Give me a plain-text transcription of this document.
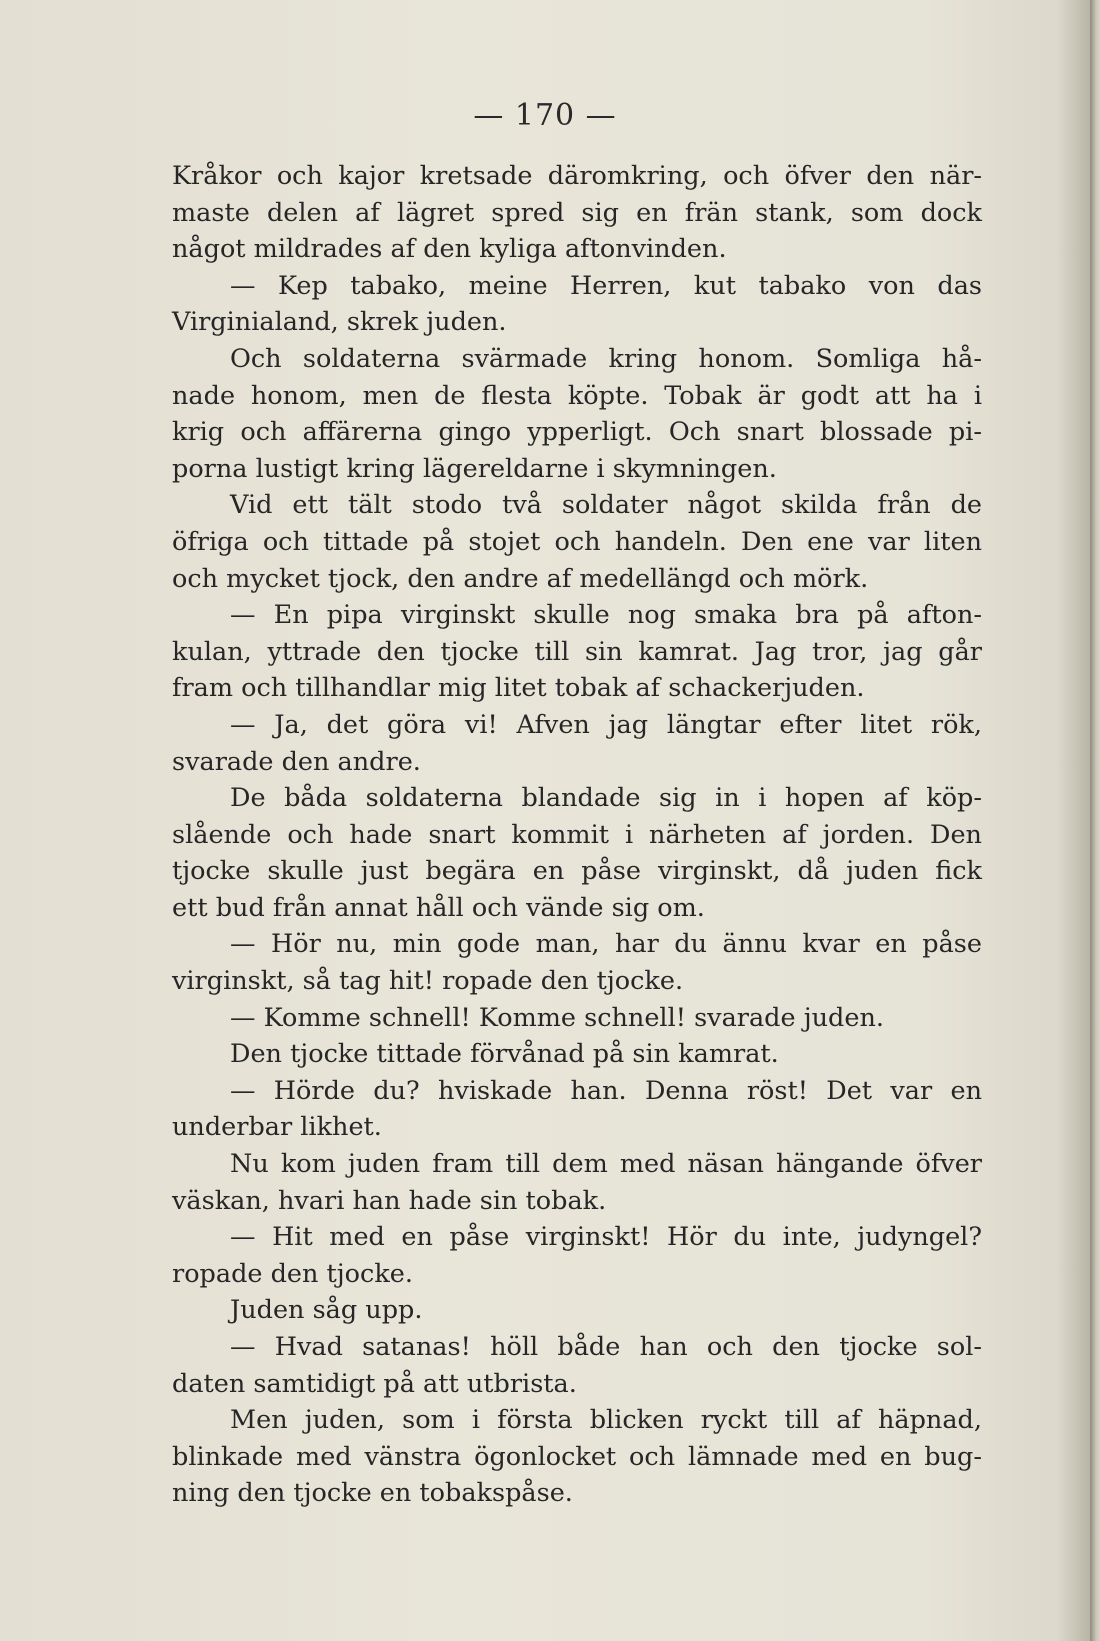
— 170 —
Kråkor och kajor kretsade däromkring, och öfver den när-
maste delen af lägret spred sig en frän stank, som dock
något mildrades af den kyliga aftonvinden.
— Kep tabako, meine Herren, kut tabako von das
Virginialand, skrek juden.
Och soldaterna svärmade kring honom. Somliga hå-
nade honom, men de flesta köpte. Tobak är godt att ha i
krig och affärerna gingo ypperligt. Och snart blossade pi-
porna lustigt kring lägereldarne i skymningen.
Vid ett tält stodo två soldater något skilda från de
öfriga och tittade på stojet och handeln. Den ene var liten
och mycket tjock, den andre af medellängd och mörk.
— En pipa virginskt skulle nog smaka bra på afton-
kulan, yttrade den tjocke till sin kamrat. Jag tror, jag går
fram och tillhandlar mig litet tobak af schackerjuden.
— Ja, det göra vi! Afven jag längtar efter litet rök,
svarade den andre.
De båda soldaterna blandade sig in i hopen af köp-
slående och hade snart kommit i närheten af jorden. Den
tjocke skulle just begära en påse virginskt, då juden fick
ett bud från annat håll och vände sig om.
— Hör nu, min gode man, har du ännu kvar en påse
virginskt, så tag hit! ropade den tjocke.
— Komme schnell! Komme schnell! svarade juden.
Den tjocke tittade förvånad på sin kamrat.
— Hörde du? hviskade han. Denna röst! Det var en
underbar likhet.
Nu kom juden fram till dem med näsan hängande öfver
väskan, hvari han hade sin tobak.
— Hit med en påse virginskt! Hör du inte, judyngel?
ropade den tjocke.
Juden såg upp.
— Hvad satanas! höll både han och den tjocke sol-
daten samtidigt på att utbrista.
Men juden, som i första blicken ryckt till af häpnad,
blinkade med vänstra ögonlocket och lämnade med en bug-
ning den tjocke en tobakspåse.
